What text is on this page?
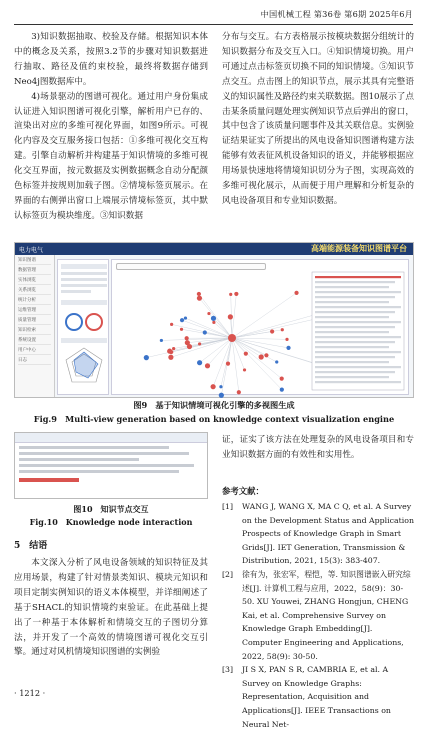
中国机械工程 第36卷 第6期 2025年6月

3)知识数据抽取、校验及存储。根据知识本体中的概念及关系，按照3.2节的步骤对知识数据进行抽取、路径及值约束校验，最终将数据存储到Neo4j图数据库中。

4)场景驱动的图谱可视化。通过用户身份集成认证进入知识图谱可视化引擎，解析用户已存的、渲染出对应的多维可视化界面，如图9所示。可视化内容及交互服务接口包括：①多维可视化交互构建。引擎自动解析并构建基于知识情境的多维可视化交互界面，按元数据及实例数据概念自动分配颜色标签并按规则加载子图。②情境标签页展示。在界面的右侧弹出窗口上端展示情境标签页，其中默认标签页为模块维度。③知识数据

分布与交互。右方表格展示按模块数据分组统计的知识数据分布及交互入口。④知识情境切换。用户可通过点击标签页切换不同的知识情境。⑤知识节点交互。点击图上的知识节点，展示其具有完整语义的知识属性及路径约束关联数据。图10展示了点击某条质量问题处理实例知识节点后弹出的窗口，其中包含了该质量问题事件及其关联信息。实例验证结果证实了所提出的风电设备知识图谱构建方法能够有效表征风机设备知识的语义，并能够根据应用场景快速地将情境知识切分为子图，实现高效的多维可视化展示，从而便于用户理解和分析复杂的风电设备项目和专业知识数据。

电力电气	高端能源装备知识图谱平台
知识图谱
数据管理
实体浏览
关系浏览
统计分析
运维管理
质量管理
知识检索
系统设置
用户中心
日志
图9　基于知识情境可视化引擎的多视图生成
Fig.9　Multi-view generation based on knowledge context visualization engine
图10　知识节点交互
Fig.10　Knowledge node interaction
证，证实了该方法在处理复杂的风电设备项目和专业知识数据方面的有效性和实用性。
参考文献：
[1]	WANG J, WANG X, MA C Q, et al. A Survey on the Development Status and Application Prospects of Knowledge Graph in Smart Grids[J]. IET Generation, Transmission & Distribution, 2021, 15(3): 383-407.
[2]	徐有为，张宏军，程恺，等. 知识图谱嵌入研究综述[J]. 计算机工程与应用，2022，58(9)：30-50. XU Youwei, ZHANG Hongjun, CHENG Kai, et al. Comprehensive Survey on Knowledge Graph Embedding[J]. Computer Engineering and Applications, 2022, 58(9): 30-50.
[3]	JI S X, PAN S R, CAMBRIA E, et al. A Survey on Knowledge Graphs: Representation, Acquisition and Applications[J]. IEEE Transactions on Neural Net-
5　结语

本文深入分析了风电设备领域的知识特征及其应用场景，构建了针对情景类知识、模块元知识和项目定制实例知识的语义本体模型，并详细阐述了基于SHACL的知识情境约束验证。在此基础上提出了一种基于本体解析和情境交互的子图切分算法，并开发了一个高效的情境图谱可视化交互引擎。通过对风机情境知识图谱的实例验

· 1212 ·
